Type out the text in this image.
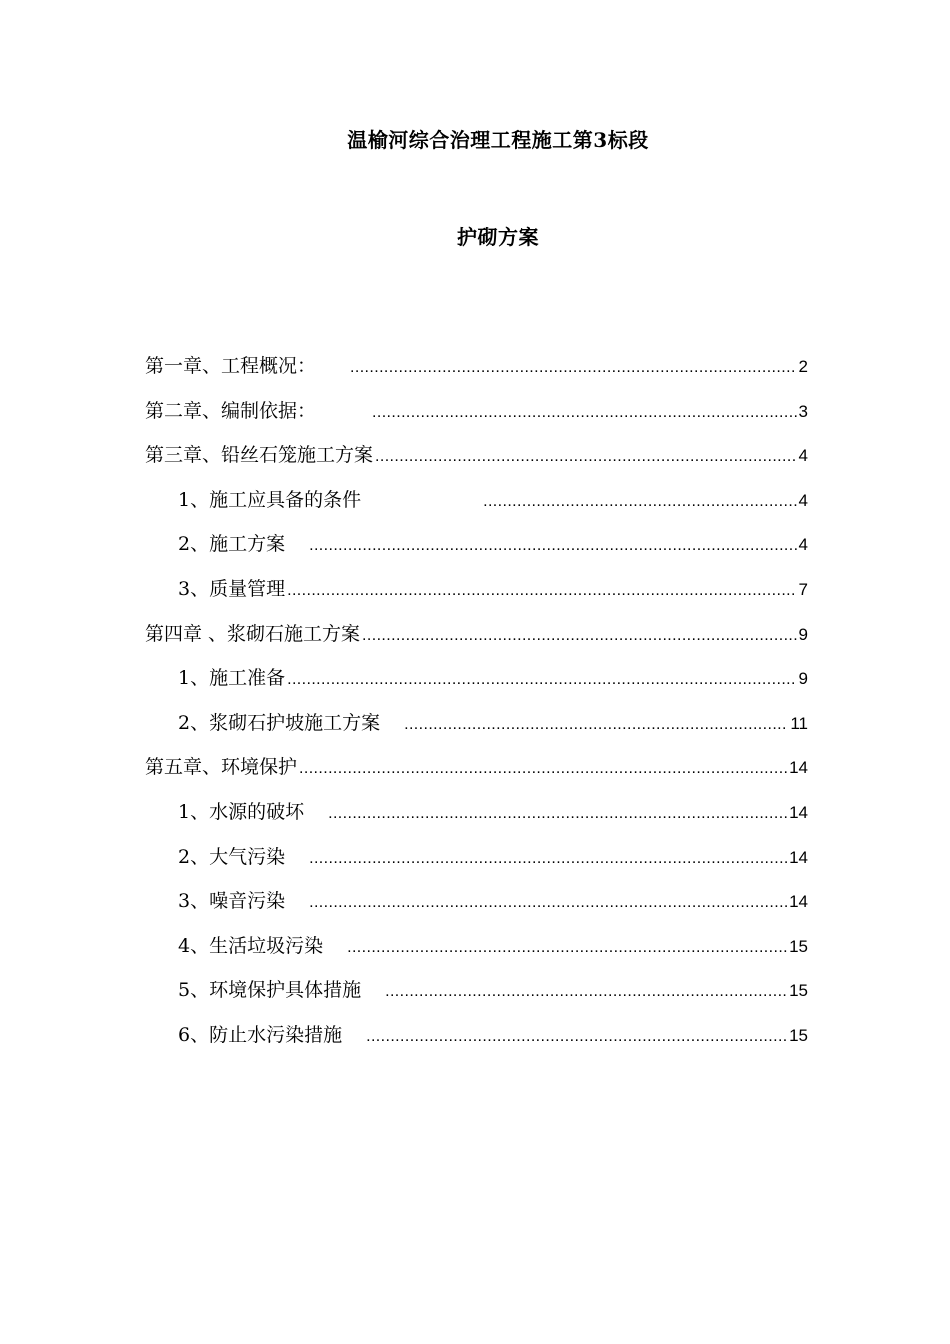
温榆河综合治理工程施工第3标段
护砌方案
第一章、工程概况： .....	2
第二章、编制依据： .....	3
第三章、铅丝石笼施工方案 .....	4
1、施工应具备的条件 .....	4
2、施工方案 .....	4
3、质量管理 .....	7
第四章 、浆砌石施工方案 .....	9
1、施工准备 .....	9
2、浆砌石护坡施工方案 .....	11
第五章、环境保护 .....	14
1、水源的破坏 .....	14
2、大气污染 .....	14
3、噪音污染 .....	14
4、生活垃圾污染 .....	15
5、环境保护具体措施 .....	15
6、防止水污染措施 .....	15
